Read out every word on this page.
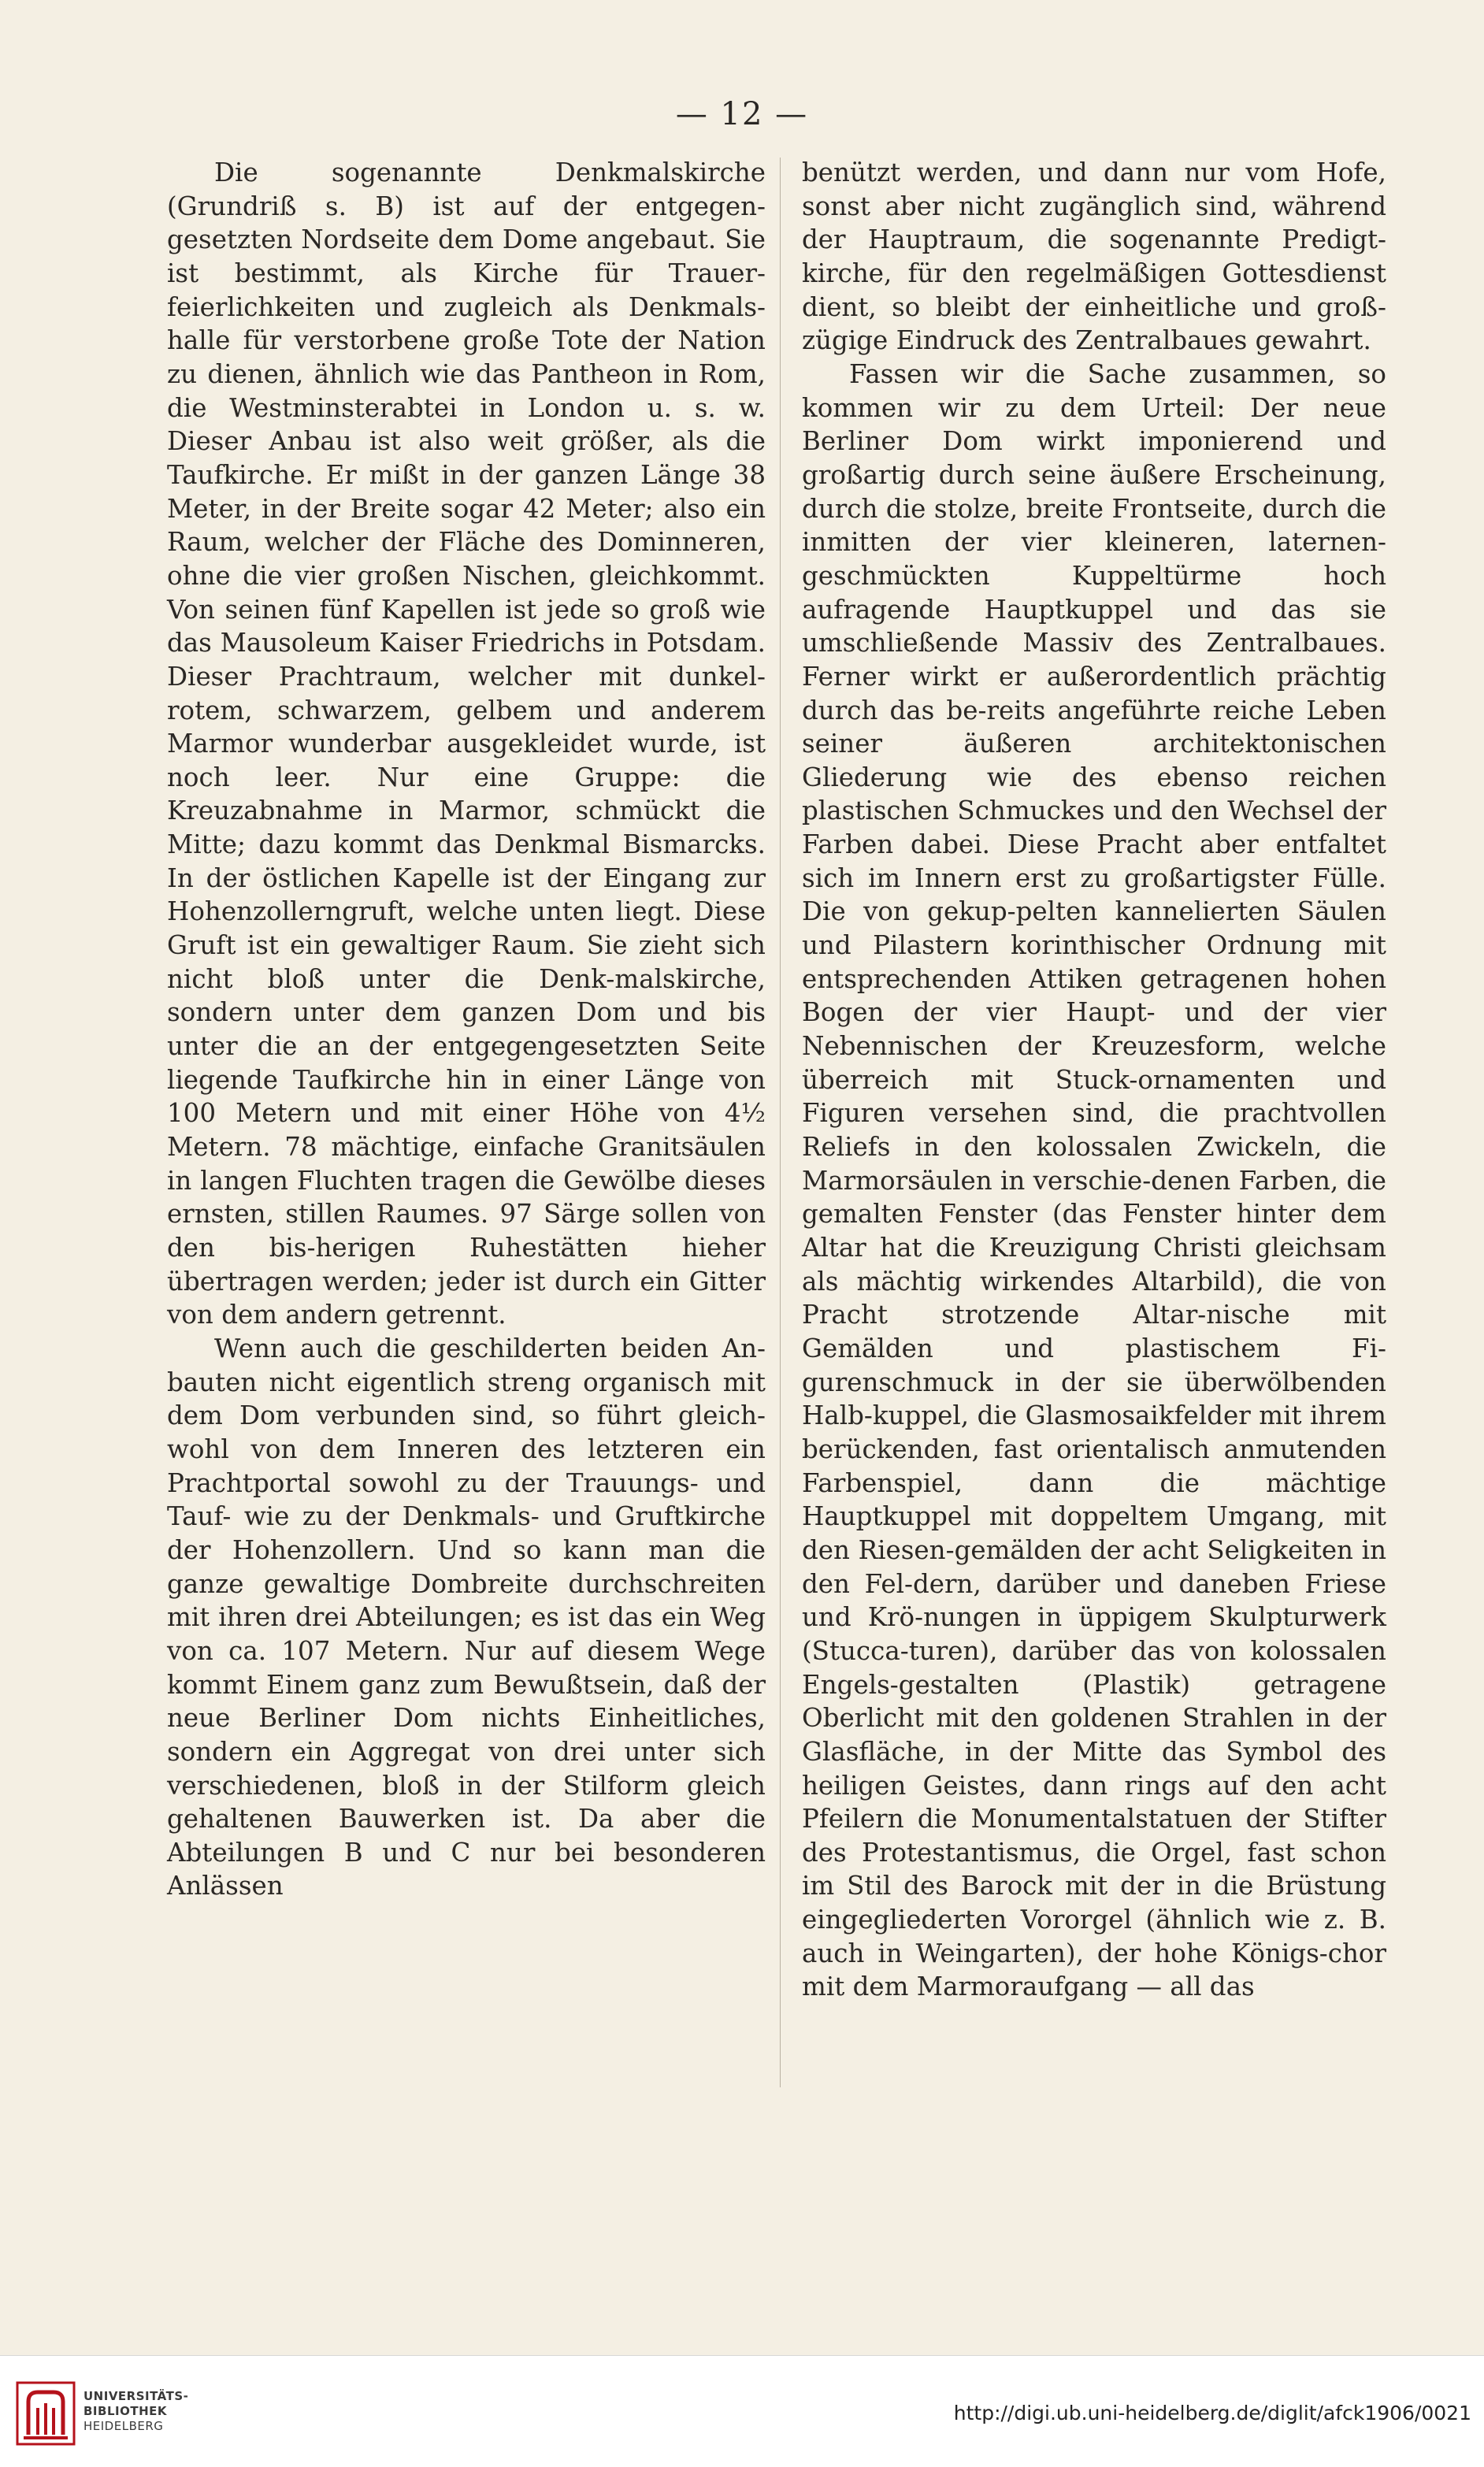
— 12 —

Die sogenannte Denkmalskirche (Grundriß s. B) ist auf der entgegen-gesetzten Nordseite dem Dome angebaut. Sie ist bestimmt, als Kirche für Trauer-feierlichkeiten und zugleich als Denkmals-halle für verstorbene große Tote der Nation zu dienen, ähnlich wie das Pantheon in Rom, die Westminsterabtei in London u. s. w. Dieser Anbau ist also weit größer, als die Taufkirche. Er mißt in der ganzen Länge 38 Meter, in der Breite sogar 42 Meter; also ein Raum, welcher der Fläche des Dominneren, ohne die vier großen Nischen, gleichkommt. Von seinen fünf Kapellen ist jede so groß wie das Mausoleum Kaiser Friedrichs in Potsdam. Dieser Prachtraum, welcher mit dunkel-rotem, schwarzem, gelbem und anderem Marmor wunderbar ausgekleidet wurde, ist noch leer. Nur eine Gruppe: die Kreuzabnahme in Marmor, schmückt die Mitte; dazu kommt das Denkmal Bismarcks. In der östlichen Kapelle ist der Eingang zur Hohenzollerngruft, welche unten liegt. Diese Gruft ist ein gewaltiger Raum. Sie zieht sich nicht bloß unter die Denk-malskirche, sondern unter dem ganzen Dom und bis unter die an der entgegengesetzten Seite liegende Taufkirche hin in einer Länge von 100 Metern und mit einer Höhe von 4½ Metern. 78 mächtige, einfache Granitsäulen in langen Fluchten tragen die Gewölbe dieses ernsten, stillen Raumes. 97 Särge sollen von den bis-herigen Ruhestätten hieher übertragen werden; jeder ist durch ein Gitter von dem andern getrennt.

Wenn auch die geschilderten beiden An-bauten nicht eigentlich streng organisch mit dem Dom verbunden sind, so führt gleich-wohl von dem Inneren des letzteren ein Prachtportal sowohl zu der Trauungs- und Tauf- wie zu der Denkmals- und Gruftkirche der Hohenzollern. Und so kann man die ganze gewaltige Dombreite durchschreiten mit ihren drei Abteilungen; es ist das ein Weg von ca. 107 Metern. Nur auf diesem Wege kommt Einem ganz zum Bewußtsein, daß der neue Berliner Dom nichts Einheitliches, sondern ein Aggregat von drei unter sich verschiedenen, bloß in der Stilform gleich gehaltenen Bauwerken ist. Da aber die Abteilungen B und C nur bei besonderen Anlässen

benützt werden, und dann nur vom Hofe, sonst aber nicht zugänglich sind, während der Hauptraum, die sogenannte Predigt-kirche, für den regelmäßigen Gottesdienst dient, so bleibt der einheitliche und groß-zügige Eindruck des Zentralbaues gewahrt.

Fassen wir die Sache zusammen, so kommen wir zu dem Urteil: Der neue Berliner Dom wirkt imponierend und großartig durch seine äußere Erscheinung, durch die stolze, breite Frontseite, durch die inmitten der vier kleineren, laternen-geschmückten Kuppeltürme hoch aufragende Hauptkuppel und das sie umschließende Massiv des Zentralbaues. Ferner wirkt er außerordentlich prächtig durch das be-reits angeführte reiche Leben seiner äußeren architektonischen Gliederung wie des ebenso reichen plastischen Schmuckes und den Wechsel der Farben dabei. Diese Pracht aber entfaltet sich im Innern erst zu großartigster Fülle. Die von gekup-pelten kannelierten Säulen und Pilastern korinthischer Ordnung mit entsprechenden Attiken getragenen hohen Bogen der vier Haupt- und der vier Nebennischen der Kreuzesform, welche überreich mit Stuck-ornamenten und Figuren versehen sind, die prachtvollen Reliefs in den kolossalen Zwickeln, die Marmorsäulen in verschie-denen Farben, die gemalten Fenster (das Fenster hinter dem Altar hat die Kreuzigung Christi gleichsam als mächtig wirkendes Altarbild), die von Pracht strotzende Altar-nische mit Gemälden und plastischem Fi-gurenschmuck in der sie überwölbenden Halb-kuppel, die Glasmosaikfelder mit ihrem berückenden, fast orientalisch anmutenden Farbenspiel, dann die mächtige Hauptkuppel mit doppeltem Umgang, mit den Riesen-gemälden der acht Seligkeiten in den Fel-dern, darüber und daneben Friese und Krö-nungen in üppigem Skulpturwerk (Stucca-turen), darüber das von kolossalen Engels-gestalten (Plastik) getragene Oberlicht mit den goldenen Strahlen in der Glasfläche, in der Mitte das Symbol des heiligen Geistes, dann rings auf den acht Pfeilern die Monumentalstatuen der Stifter des Protestantismus, die Orgel, fast schon im Stil des Barock mit der in die Brüstung eingegliederten Vororgel (ähnlich wie z. B. auch in Weingarten), der hohe Königs-chor mit dem Marmoraufgang — all das

UNIVERSITÄTS-
BIBLIOTHEK
HEIDELBERG
http://digi.ub.uni-heidelberg.de/diglit/afck1906/0021
